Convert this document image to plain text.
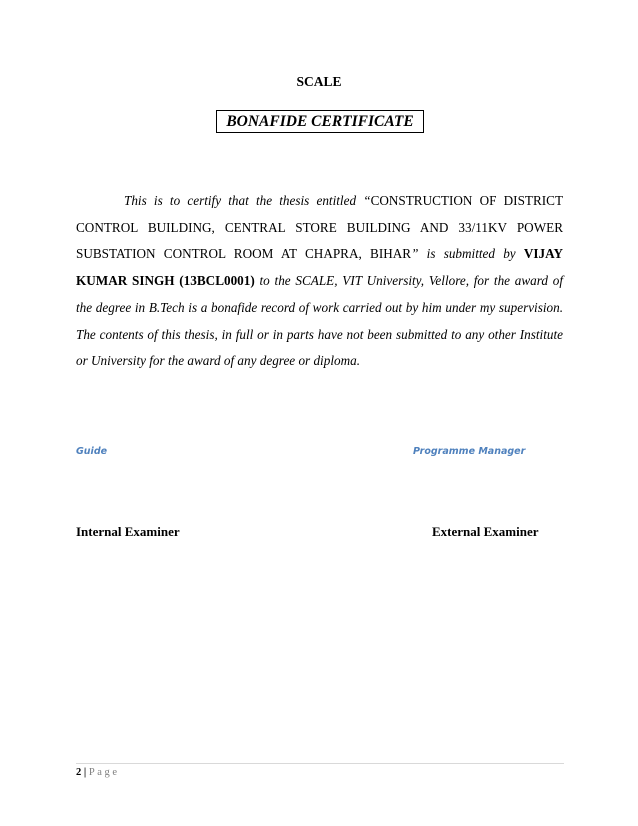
SCALE
BONAFIDE CERTIFICATE

This is to certify that the thesis entitled “CONSTRUCTION OF DISTRICT CONTROL BUILDING, CENTRAL STORE BUILDING AND 33/11KV POWER SUBSTATION CONTROL ROOM AT CHAPRA, BIHAR” is submitted by VIJAY KUMAR SINGH (13BCL0001) to the SCALE, VIT University, Vellore, for the award of the degree in B.Tech is a bonafide record of work carried out by him under my supervision. The contents of this thesis, in full or in parts have not been submitted to any other Institute or University for the award of any degree or diploma.

Guide	Programme Manager
Internal Examiner	External Examiner
2 | Page
